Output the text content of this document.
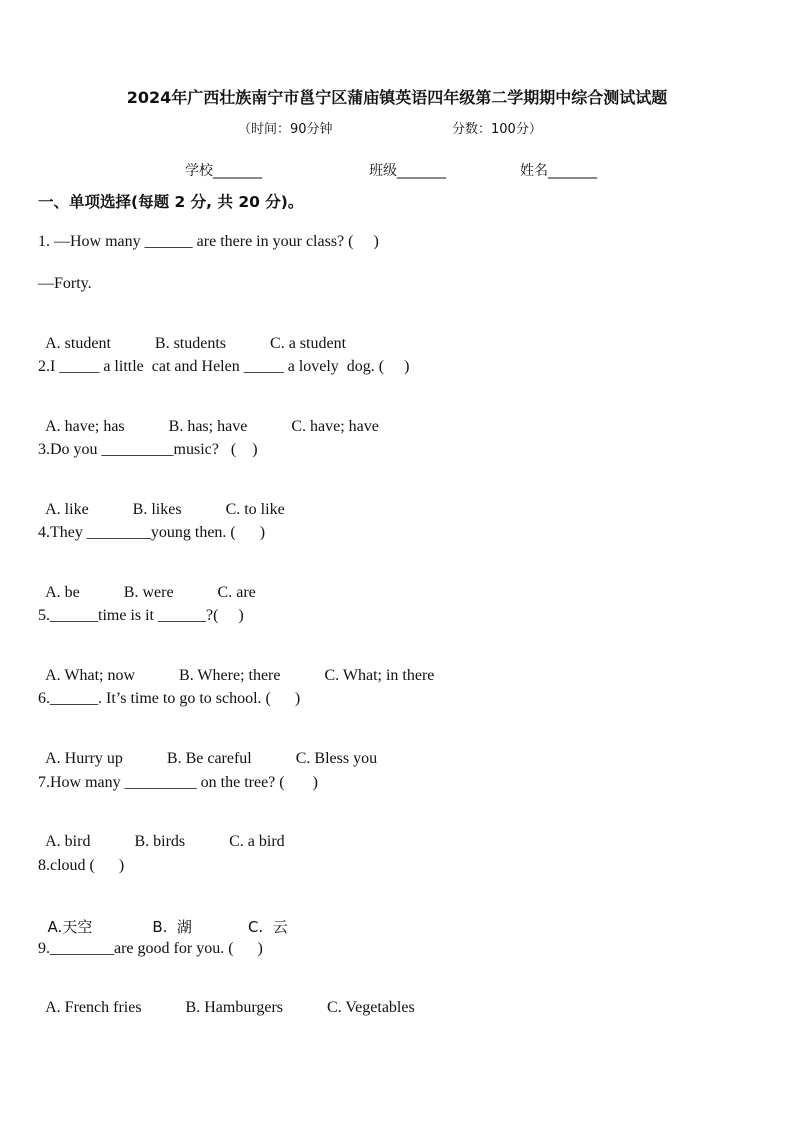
2024年广西壮族南宁市邕宁区蒲庙镇英语四年级第二学期期中综合测试试题
（时间：90分钟	分数：100分）
学校_______	班级_______	姓名_______
一、单项选择(每题 2 分, 共 20 分)。
1. —How many ______ are there in your class? (     )
—Forty.

A. student	B. students	C. a student

2.I _____ a little  cat and Helen _____ a lovely  dog. (     )

A. have; has	B. has; have	C. have; have

3.Do you _________music?   (    )

A. like	B. likes	C. to like

4.They ________young then. (      )

A. be	B. were	C. are

5.______time is it ______?(     )

A. What; now	B. Where; there	C. What; in there

6.______. It’s time to go to school. (      )

A. Hurry up	B. Be careful	C. Bless you

7.How many _________ on the tree? (       )

A. bird	B. birds	C. a bird

8.cloud (      )

A.天空	B.  湖	C.  云

9.________are good for you. (      )

A. French fries	B. Hamburgers	C. Vegetables
